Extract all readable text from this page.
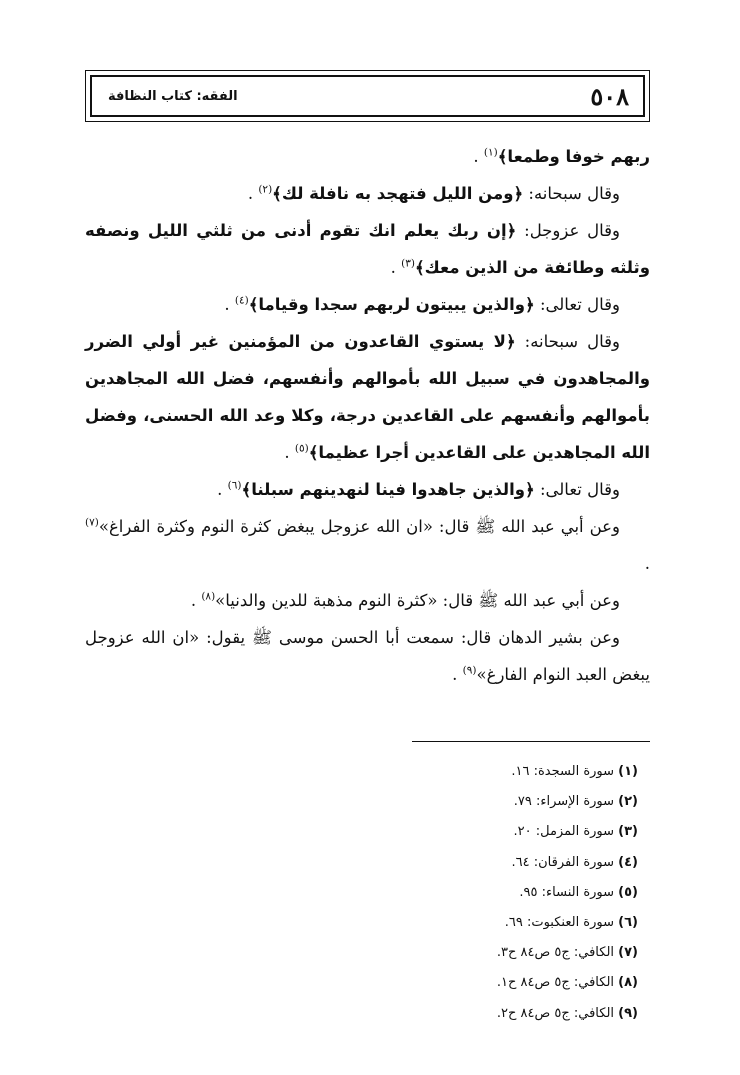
٥٠٨
الفقه: كتاب النظافة

ربهم خوفا وطمعا﴾$^{(١)}$ .

وقال سبحانه: ﴿ومن الليل فتهجد به نافلة لك﴾$^{(٢)}$ .

وقال عزوجل: ﴿إن ربك يعلم انك تقوم أدنى من ثلثي الليل ونصفه وثلثه وطائفة من الذين معك﴾$^{(٣)}$ .

وقال تعالى: ﴿والذين يبيتون لربهم سجدا وقياما﴾$^{(٤)}$ .

وقال سبحانه: ﴿لا يستوي القاعدون من المؤمنين غير أولي الضرر والمجاهدون في سبيل الله بأموالهم وأنفسهم، فضل الله المجاهدين بأموالهم وأنفسهم على القاعدين درجة، وكلا وعد الله الحسنى، وفضل الله المجاهدين على القاعدين أجرا عظيما﴾$^{(٥)}$ .

وقال تعالى: ﴿والذين جاهدوا فينا لنهدينهم سبلنا﴾$^{(٦)}$ .

وعن أبي عبد الله ﷺ قال: «ان الله عزوجل يبغض كثرة النوم وكثرة الفراغ»$^{(٧)}$ .

وعن أبي عبد الله ﷺ قال: «كثرة النوم مذهبة للدين والدنيا»$^{(٨)}$ .

وعن بشير الدهان قال: سمعت أبا الحسن موسى ﷺ يقول: «ان الله عزوجل يبغض العبد النوام الفارغ»$^{(٩)}$ .

(١) سورة السجدة: ١٦.

(٢) سورة الإسراء: ٧٩.

(٣) سورة المزمل: ٢٠.

(٤) سورة الفرقان: ٦٤.

(٥) سورة النساء: ٩٥.

(٦) سورة العنكبوت: ٦٩.

(٧) الكافي: ج٥ ص٨٤ ح٣.

(٨) الكافي: ج٥ ص٨٤ ح١.

(٩) الكافي: ج٥ ص٨٤ ح٢.
